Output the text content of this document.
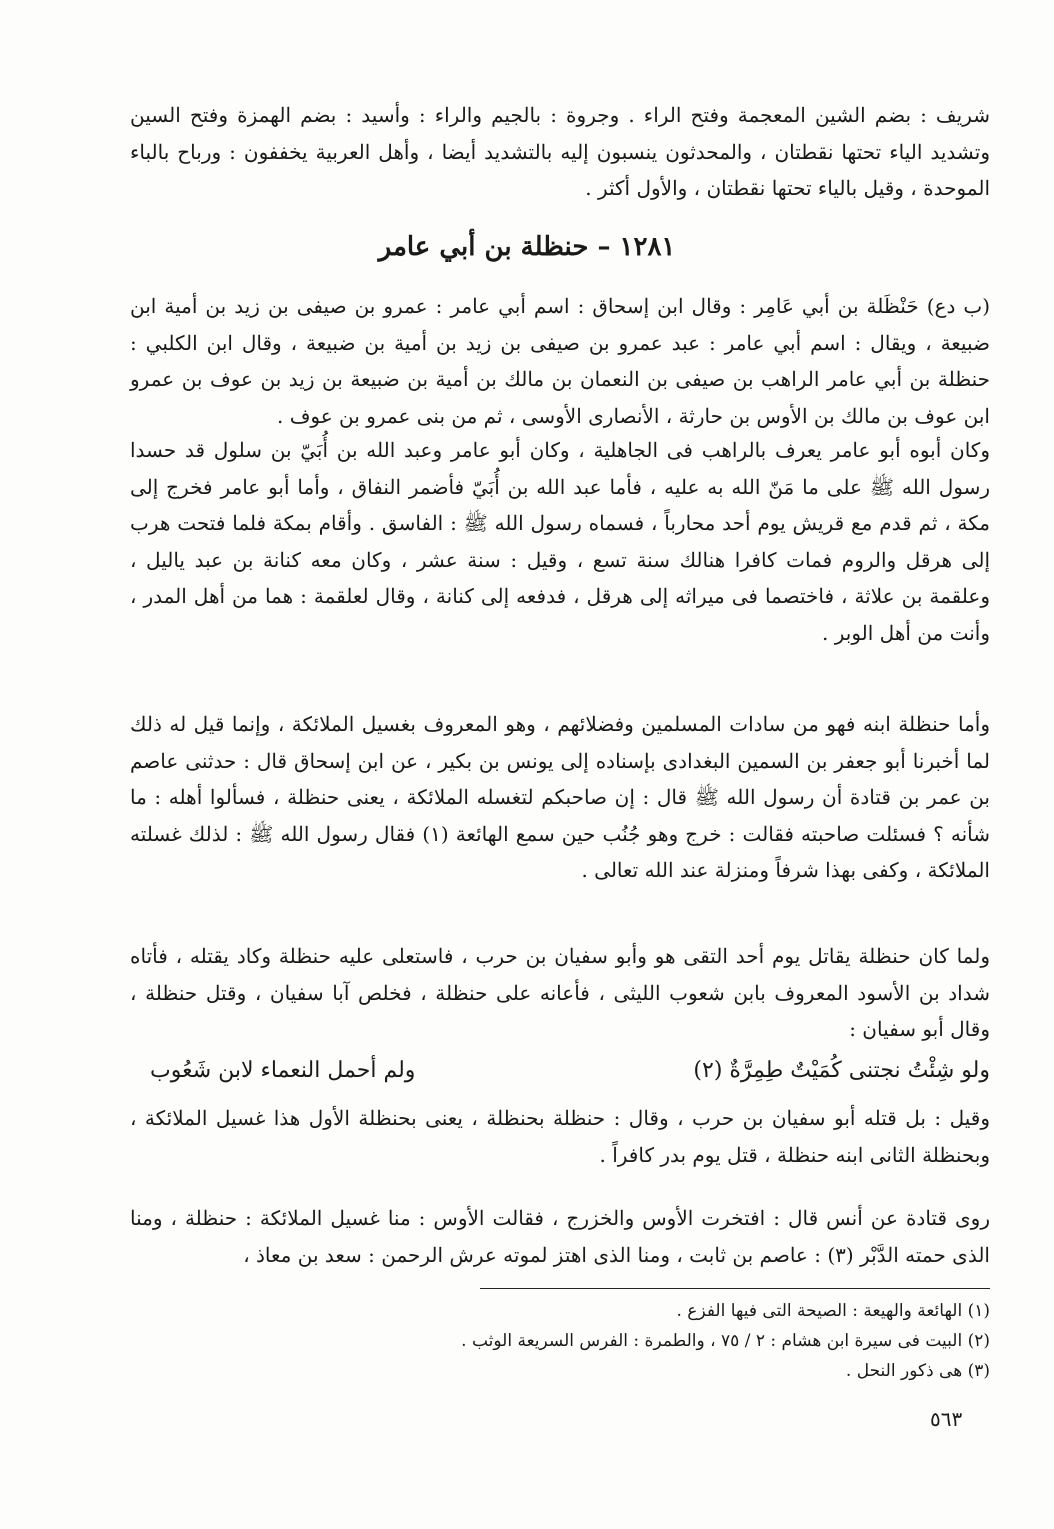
شريف : بضم الشين المعجمة وفتح الراء . وجروة : بالجيم والراء : وأسيد : بضم الهمزة وفتح السين وتشديد الياء تحتها نقطتان ، والمحدثون ينسبون إليه بالتشديد أيضا ، وأهل العربية يخففون : ورباح بالباء الموحدة ، وقيل بالياء تحتها نقطتان ، والأول أكثر .

١٢٨١ – حنظلة بن أبي عامر

(ب دع) حَنْظَلة بن أبي عَامِر : وقال ابن إسحاق : اسم أبي عامر : عمرو بن صيفى بن زيد بن أمية ابن ضبيعة ، ويقال : اسم أبي عامر : عبد عمرو بن صيفى بن زيد بن أمية بن ضبيعة ، وقال ابن الكلبي : حنظلة بن أبي عامر الراهب بن صيفى بن النعمان بن مالك بن أمية بن ضبيعة بن زيد بن عوف بن عمرو ابن عوف بن مالك بن الأوس بن حارثة ، الأنصارى الأوسى ، ثم من بنى عمرو بن عوف .

وكان أبوه أبو عامر يعرف بالراهب فى الجاهلية ، وكان أبو عامر وعبد الله بن أُبَيّ بن سلول قد حسدا رسول الله ﷺ على ما مَنّ الله به عليه ، فأما عبد الله بن أُبَيّ فأضمر النفاق ، وأما أبو عامر فخرج إلى مكة ، ثم قدم مع قريش يوم أحد محارباً ، فسماه رسول الله ﷺ : الفاسق . وأقام بمكة فلما فتحت هرب إلى هرقل والروم فمات كافرا هنالك سنة تسع ، وقيل : سنة عشر ، وكان معه كنانة بن عبد ياليل ، وعلقمة بن علاثة ، فاختصما فى ميراثه إلى هرقل ، فدفعه إلى كنانة ، وقال لعلقمة : هما من أهل المدر ، وأنت من أهل الوبر .

وأما حنظلة ابنه فهو من سادات المسلمين وفضلائهم ، وهو المعروف بغسيل الملائكة ، وإنما قيل له ذلك لما أخبرنا أبو جعفر بن السمين البغدادى بإسناده إلى يونس بن بكير ، عن ابن إسحاق قال : حدثنى عاصم بن عمر بن قتادة أن رسول الله ﷺ قال : إن صاحبكم لتغسله الملائكة ، يعنى حنظلة ، فسألوا أهله : ما شأنه ؟ فسئلت صاحبته فقالت : خرج وهو جُنُب حين سمع الهائعة (١) فقال رسول الله ﷺ : لذلك غسلته الملائكة ، وكفى بهذا شرفاً ومنزلة عند الله تعالى .

ولما كان حنظلة يقاتل يوم أحد التقى هو وأبو سفيان بن حرب ، فاستعلى عليه حنظلة وكاد يقتله ، فأتاه شداد بن الأسود المعروف بابن شعوب الليثى ، فأعانه على حنظلة ، فخلص آبا سفيان ، وقتل حنظلة ، وقال أبو سفيان :

ولو شِئْتُ نجتنى كُمَيْتٌ طِمِرَّةٌ (٢)
ولم أحمل النعماء لابن شَعُوب

وقيل : بل قتله أبو سفيان بن حرب ، وقال : حنظلة بحنظلة ، يعنى بحنظلة الأول هذا غسيل الملائكة ، وبحنظلة الثانى ابنه حنظلة ، قتل يوم بدر كافراً .

روى قتادة عن أنس قال : افتخرت الأوس والخزرج ، فقالت الأوس : منا غسيل الملائكة : حنظلة ، ومنا الذى حمته الدَّبْر (٣) : عاصم بن ثابت ، ومنا الذى اهتز لموته عرش الرحمن : سعد بن معاذ ،

(١) الهائعة والهيعة : الصيحة التى فيها الفزع .
(٢) البيت فى سيرة ابن هشام : ٢ / ٧٥ ، والطمرة : الفرس السريعة الوثب .
(٣) هى ذكور النحل .
٥٦٣
